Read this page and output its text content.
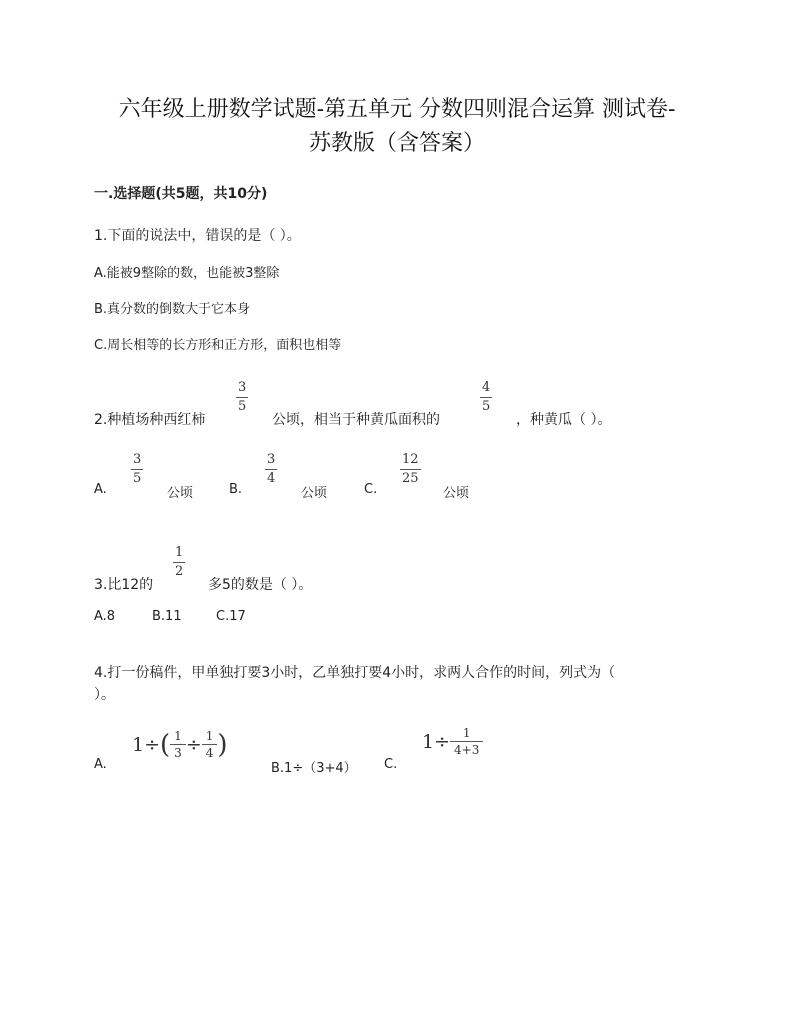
六年级上册数学试题-第五单元 分数四则混合运算 测试卷-
苏教版（含答案）
一.选择题(共5题，共10分)
1.下面的说法中，错误的是（ ）。
A.能被9整除的数，也能被3整除
B.真分数的倒数大于它本身
C.周长相等的长方形和正方形，面积也相等
2.种植场种西红柿
3
5
公顷，相当于种黄瓜面积的
4
5
，种黄瓜（ ）。
A.
3
5
公顷	B.
3
4
公顷	C.
12
25
公顷
3.比12的
1
2
多5的数是（ ）。
A.8	B.11	C.17
4.打一份稿件，甲单独打要3小时，乙单独打要4小时，求两人合作的时间，列式为（
）。
A.
1 ÷ ( 1
3 ÷ 1
4 )
B.1÷（3+4） C.
1 ÷ 1
4+3
